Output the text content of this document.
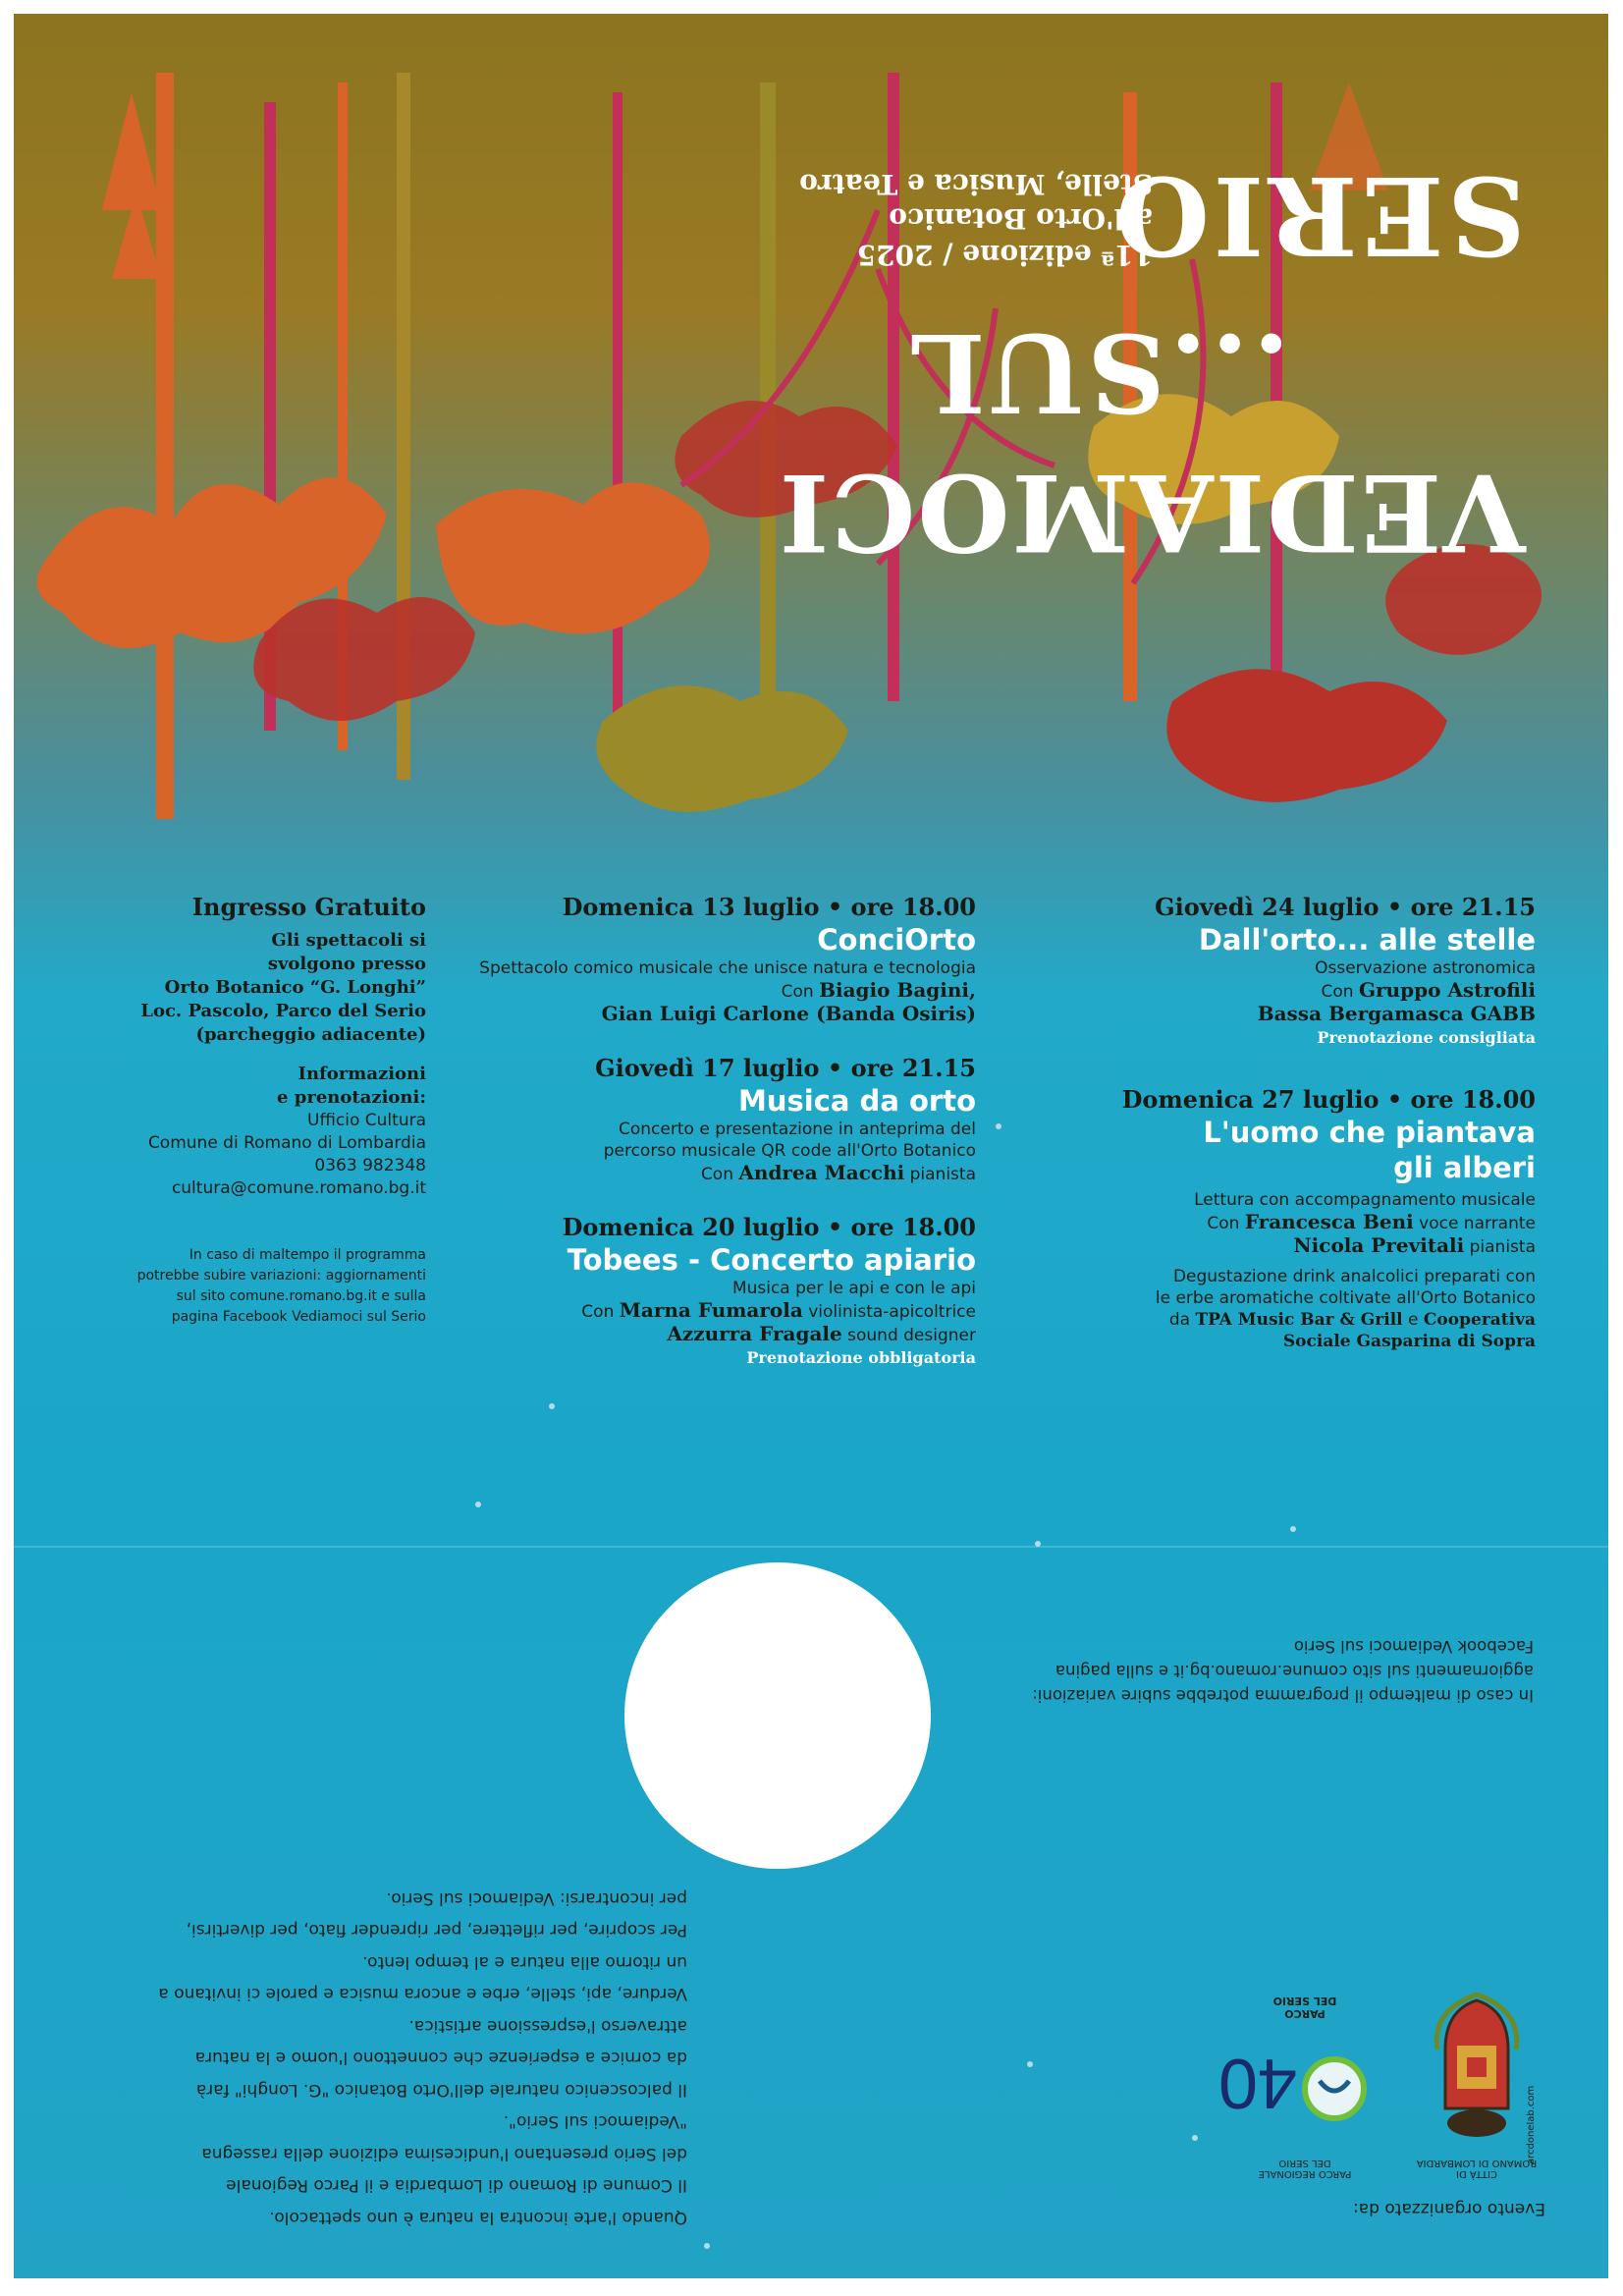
Stelle, Musica e Teatro
all'Orto Botanico
11ª edizione / 2025
SERIO
...SUL
VEDIAMOCI
Ingresso Gratuito
Gli spettacoli si
svolgono presso
Orto Botanico “G. Longhi”
Loc. Pascolo, Parco del Serio
(parcheggio adiacente)
Informazioni
e prenotazioni:
Ufficio Cultura
Comune di Romano di Lombardia
0363 982348
cultura@comune.romano.bg.it
In caso di maltempo il programma
potrebbe subire variazioni: aggiornamenti
sul sito comune.romano.bg.it e sulla
pagina Facebook Vediamoci sul Serio
Domenica 13 luglio • ore 18.00
ConciOrto
Spettacolo comico musicale che unisce natura e tecnologia
Con Biagio Bagini,
Gian Luigi Carlone (Banda Osiris)
Giovedì 17 luglio • ore 21.15
Musica da orto
Concerto e presentazione in anteprima del
percorso musicale QR code all'Orto Botanico
Con Andrea Macchi pianista
Domenica 20 luglio • ore 18.00
Tobees - Concerto apiario
Musica per le api e con le api
Con Marna Fumarola violinista-apicoltrice
Azzurra Fragale sound designer
Prenotazione obbligatoria
Giovedì 24 luglio • ore 21.15
Dall'orto... alle stelle
Osservazione astronomica
Con Gruppo Astrofili
Bassa Bergamasca GABB
Prenotazione consigliata
Domenica 27 luglio • ore 18.00
L'uomo che piantava
gli alberi
Lettura con accompagnamento musicale
Con Francesca Beni voce narrante
Nicola Previtali pianista
Degustazione drink analcolici preparati con
le erbe aromatiche coltivate all'Orto Botanico
da TPA Music Bar & Grill e Cooperativa
Sociale Gasparina di Sopra
In caso di maltempo il programma potrebbe subire variazioni:
aggiornamenti sul sito comune.romano.bg.it e sulla pagina
Facebook Vediamoci sul Serio
Quando l'arte incontra la natura è uno spettacolo.
Il Comune di Romano di Lombardia e il Parco Regionale
del Serio presentano l'undicesima edizione della rassegna
"Vediamoci sul Serio".
Il palcoscenico naturale dell'Orto Botanico "G. Longhi" farà
da cornice a esperienze che connettono l'uomo e la natura
attraverso l'espressione artistica.
Verdure, api, stelle, erbe e ancora musica e parole ci invitano a
un ritorno alla natura e al tempo lento.
Per scoprire, per riflettere, per riprender fiato, per divertirsi,
per incontrarsi: Vediamoci sul Serio.
Evento organizzato da:
CITTÀ DI
ROMANO DI LOMBARDIA
PARCO REGIONALE
DEL SERIO
40
PARCO
DEL SERIO
arcdonelab.com
